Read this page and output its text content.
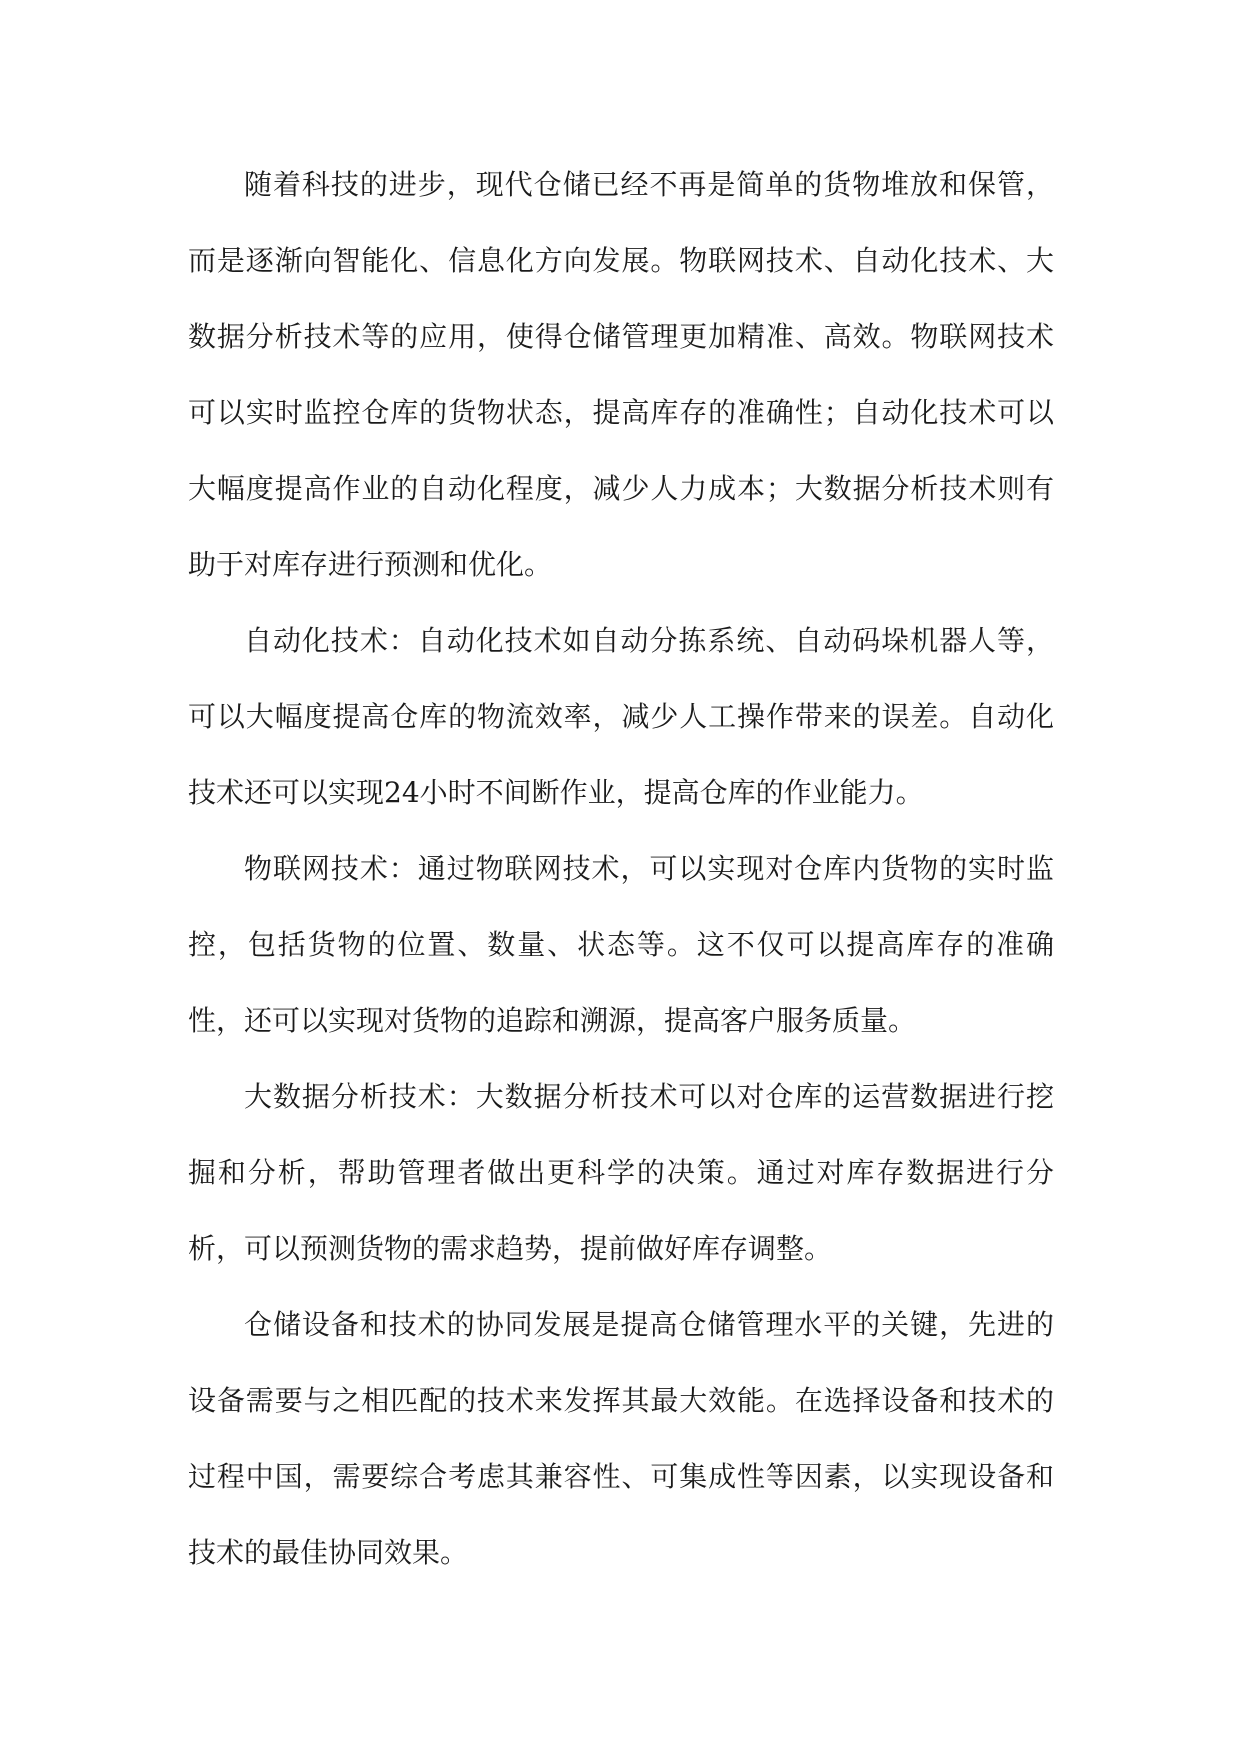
随着科技的进步，现代仓储已经不再是简单的货物堆放和保管，而是逐渐向智能化、信息化方向发展。物联网技术、自动化技术、大数据分析技术等的应用，使得仓储管理更加精准、高效。物联网技术可以实时监控仓库的货物状态，提高库存的准确性；自动化技术可以大幅度提高作业的自动化程度，减少人力成本；大数据分析技术则有助于对库存进行预测和优化。

自动化技术：自动化技术如自动分拣系统、自动码垛机器人等，可以大幅度提高仓库的物流效率，减少人工操作带来的误差。自动化技术还可以实现24小时不间断作业，提高仓库的作业能力。

物联网技术：通过物联网技术，可以实现对仓库内货物的实时监控，包括货物的位置、数量、状态等。这不仅可以提高库存的准确性，还可以实现对货物的追踪和溯源，提高客户服务质量。

大数据分析技术：大数据分析技术可以对仓库的运营数据进行挖掘和分析，帮助管理者做出更科学的决策。通过对库存数据进行分析，可以预测货物的需求趋势，提前做好库存调整。

仓储设备和技术的协同发展是提高仓储管理水平的关键，先进的设备需要与之相匹配的技术来发挥其最大效能。在选择设备和技术的过程中国，需要综合考虑其兼容性、可集成性等因素，以实现设备和技术的最佳协同效果。
